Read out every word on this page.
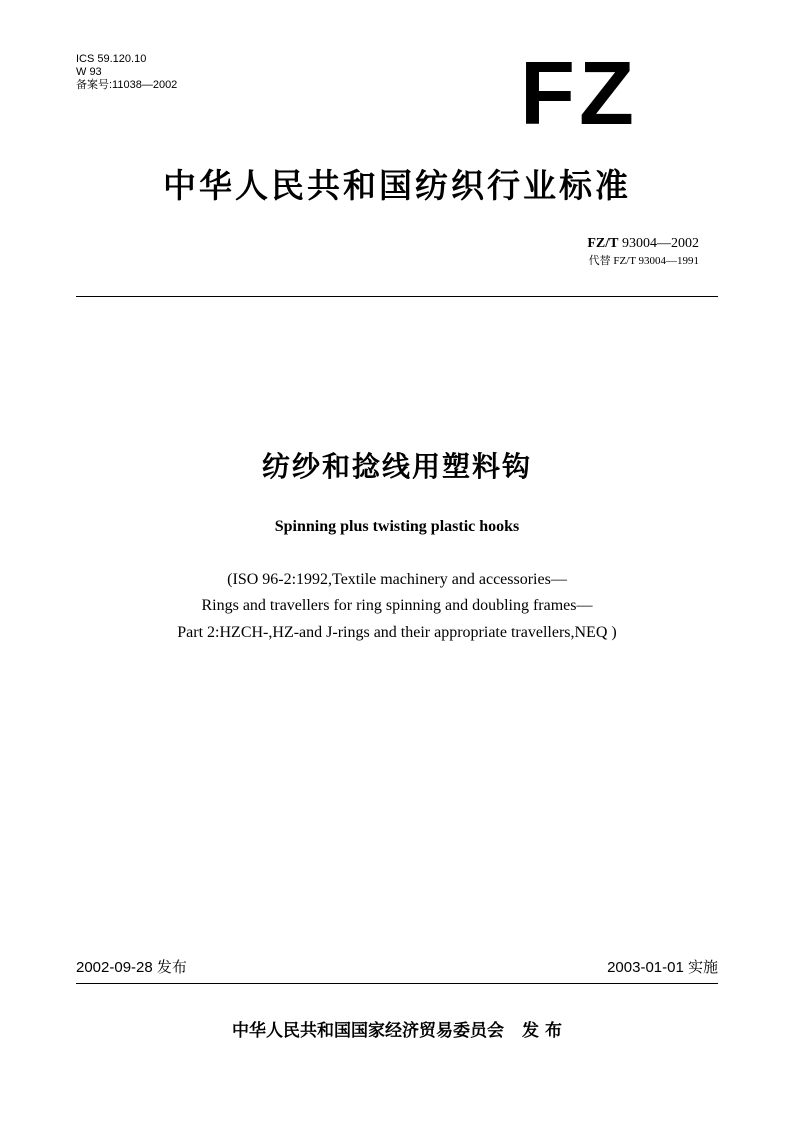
ICS 59.120.10
W 93
备案号:11038—2002	FZ
中华人民共和国纺织行业标准
FZ/T 93004—2002
代替 FZ/T 93004—1991
纺纱和捻线用塑料钩
Spinning plus twisting plastic hooks
(ISO 96-2:1992,Textile machinery and accessories—
Rings and travellers for ring spinning and doubling frames—
Part 2:HZCH-,HZ-and J-rings and their appropriate travellers,NEQ )
2002-09-28 发布	2003-01-01 实施
中华人民共和国国家经济贸易委员会 发 布
